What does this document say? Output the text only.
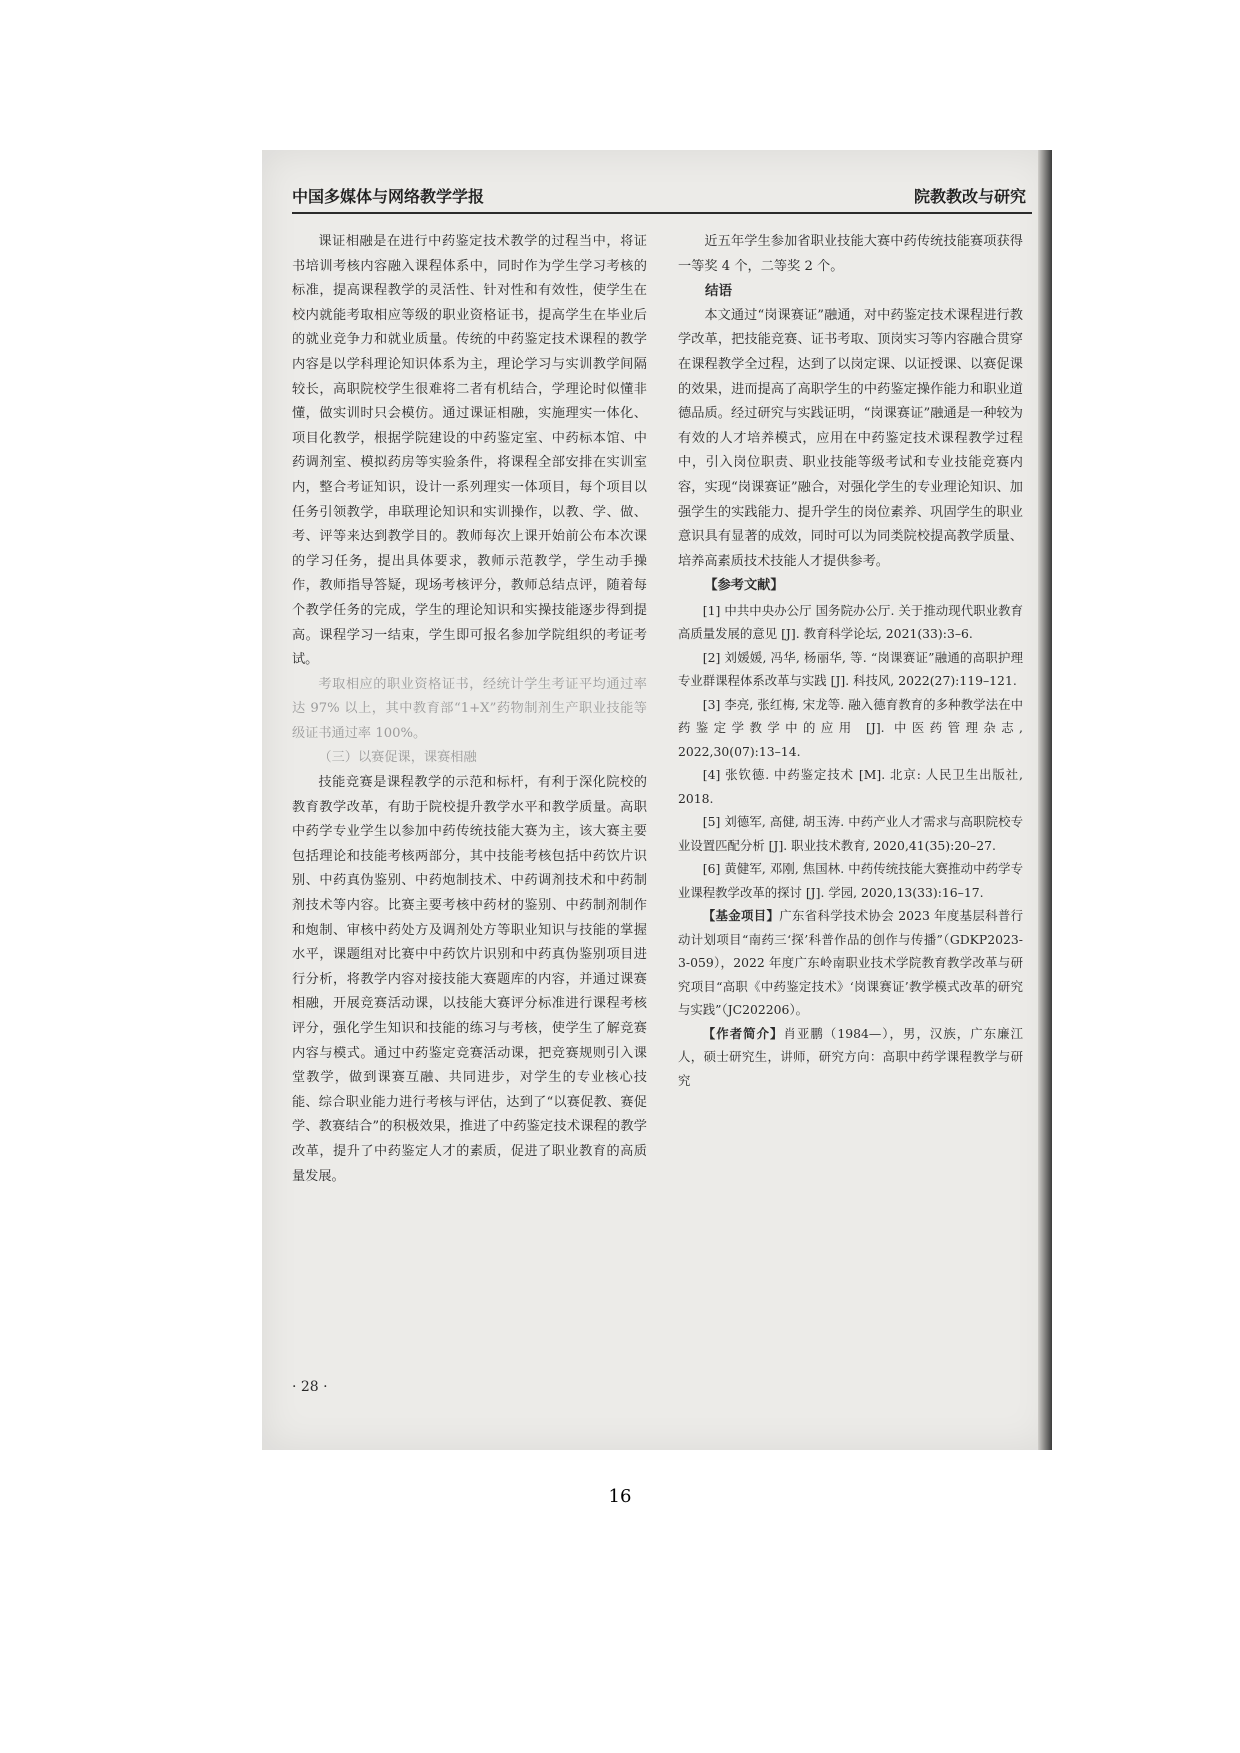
中国多媒体与网络教学学报	院教教改与研究

课证相融是在进行中药鉴定技术教学的过程当中，将证书培训考核内容融入课程体系中，同时作为学生学习考核的标准，提高课程教学的灵活性、针对性和有效性，使学生在校内就能考取相应等级的职业资格证书，提高学生在毕业后的就业竞争力和就业质量。传统的中药鉴定技术课程的教学内容是以学科理论知识体系为主，理论学习与实训教学间隔较长，高职院校学生很难将二者有机结合，学理论时似懂非懂，做实训时只会模仿。通过课证相融，实施理实一体化、项目化教学，根据学院建设的中药鉴定室、中药标本馆、中药调剂室、模拟药房等实验条件，将课程全部安排在实训室内，整合考证知识，设计一系列理实一体项目，每个项目以任务引领教学，串联理论知识和实训操作，以教、学、做、考、评等来达到教学目的。教师每次上课开始前公布本次课的学习任务，提出具体要求，教师示范教学，学生动手操作，教师指导答疑，现场考核评分，教师总结点评，随着每个教学任务的完成，学生的理论知识和实操技能逐步得到提高。课程学习一结束，学生即可报名参加学院组织的考证考试。

考取相应的职业资格证书，经统计学生考证平均通过率达 97% 以上，其中教育部“1+X”药物制剂生产职业技能等级证书通过率 100%。

（三）以赛促课，课赛相融

技能竞赛是课程教学的示范和标杆，有利于深化院校的教育教学改革，有助于院校提升教学水平和教学质量。高职中药学专业学生以参加中药传统技能大赛为主，该大赛主要包括理论和技能考核两部分，其中技能考核包括中药饮片识别、中药真伪鉴别、中药炮制技术、中药调剂技术和中药制剂技术等内容。比赛主要考核中药材的鉴别、中药制剂制作和炮制、审核中药处方及调剂处方等职业知识与技能的掌握水平，课题组对比赛中中药饮片识别和中药真伪鉴别项目进行分析，将教学内容对接技能大赛题库的内容，并通过课赛相融，开展竞赛活动课，以技能大赛评分标准进行课程考核评分，强化学生知识和技能的练习与考核，使学生了解竞赛内容与模式。通过中药鉴定竞赛活动课，把竞赛规则引入课堂教学，做到课赛互融、共同进步，对学生的专业核心技能、综合职业能力进行考核与评估，达到了“以赛促教、赛促学、教赛结合”的积极效果，推进了中药鉴定技术课程的教学改革，提升了中药鉴定人才的素质，促进了职业教育的高质量发展。

近五年学生参加省职业技能大赛中药传统技能赛项获得一等奖 4 个，二等奖 2 个。

结语

本文通过“岗课赛证”融通，对中药鉴定技术课程进行教学改革，把技能竞赛、证书考取、顶岗实习等内容融合贯穿在课程教学全过程，达到了以岗定课、以证授课、以赛促课的效果，进而提高了高职学生的中药鉴定操作能力和职业道德品质。经过研究与实践证明，“岗课赛证”融通是一种较为有效的人才培养模式，应用在中药鉴定技术课程教学过程中，引入岗位职责、职业技能等级考试和专业技能竞赛内容，实现“岗课赛证”融合，对强化学生的专业理论知识、加强学生的实践能力、提升学生的岗位素养、巩固学生的职业意识具有显著的成效，同时可以为同类院校提高教学质量、培养高素质技术技能人才提供参考。

【参考文献】

[1] 中共中央办公厅 国务院办公厅. 关于推动现代职业教育高质量发展的意见 [J]. 教育科学论坛, 2021(33):3–6.
[2] 刘媛媛, 冯华, 杨丽华, 等. “岗课赛证”融通的高职护理专业群课程体系改革与实践 [J]. 科技风, 2022(27):119–121.
[3] 李亮, 张红梅, 宋龙等. 融入德育教育的多种教学法在中药鉴定学教学中的应用 [J]. 中医药管理杂志, 2022,30(07):13–14.
[4] 张钦德. 中药鉴定技术 [M]. 北京: 人民卫生出版社, 2018.
[5] 刘德军, 高健, 胡玉涛. 中药产业人才需求与高职院校专业设置匹配分析 [J]. 职业技术教育, 2020,41(35):20–27.
[6] 黄健军, 邓刚, 焦国林. 中药传统技能大赛推动中药学专业课程教学改革的探讨 [J]. 学园, 2020,13(33):16–17.

【基金项目】广东省科学技术协会 2023 年度基层科普行动计划项目“南药三‘探’科普作品的创作与传播”（GDKP2023-3-059），2022 年度广东岭南职业技术学院教育教学改革与研究项目“高职《中药鉴定技术》‘岗课赛证’教学模式改革的研究与实践”（JC202206）。

【作者简介】肖亚鹏（1984—），男，汉族，广东廉江人，硕士研究生，讲师，研究方向：高职中药学课程教学与研究

· 28 ·
16
